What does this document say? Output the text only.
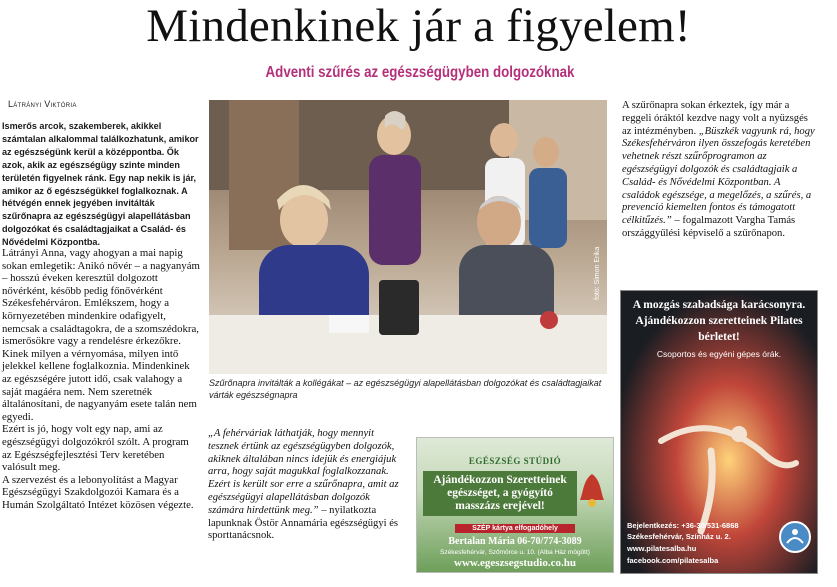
Mindenkinek jár a figyelem!
Adventi szűrés az egészségügyben dolgozóknak
Látrányi Viktória
Ismerős arcok, szakemberek, akikkel számtalan alkalommal találkozhatunk, amikor az egészségünk kerül a középpontba. Ők azok, akik az egészségügy szinte minden területén figyelnek ránk. Egy nap nekik is jár, amikor az ő egészségükkel foglalkoznak. A hétvégén ennek jegyében invitálták szűrőnapra az egészségügyi alapellátásban dolgozókat és családtagjaikat a Család- és Nővédelmi Központba.

Látrányi Anna, vagy ahogyan a mai napig sokan emlegetik: Anikó nővér – a nagyanyám – hosszú éveken keresztül dolgozott nővérként, később pedig főnővérként Székesfehérváron. Emlékszem, hogy a környezetében mindenkire odafigyelt, nemcsak a családtagokra, de a szomszédokra, ismerősökre vagy a rendelésre érkezőkre. Kinek milyen a vérnyomása, milyen intő jelekkel kellene foglalkoznia. Mindenkinek az egészségére jutott idő, csak valahogy a saját magáéra nem. Nem szeretnék általánosítani, de nagyanyám esete talán nem egyedi.

Ezért is jó, hogy volt egy nap, ami az egészségügyi dolgozókról szólt. A program az Egészségfejlesztési Terv keretében valósult meg.

A szervezést és a lebonyolítást a Magyar Egészségügyi Szakdolgozói Kamara és a Humán Szolgáltató Intézet közösen végezte.

fotó: Simon Erika
Szűrőnapra invitálták a kollégákat – az egészségügyi alapellátásban dolgozókat és családtagjaikat várták egészségnapra
„A fehérváriak láthatják, hogy mennyit tesznek értünk az egészségügyben dolgozók, akiknek általában nincs idejük és energiájuk arra, hogy saját magukkal foglalkozzanak. Ezért is került sor erre a szűrőnapra, amit az egészségügyi alapellátásban dolgozók számára hirdettünk meg.” – nyilatkozta lapunknak Östör Annamária egészségügyi és sporttanácsnok.
A szűrőnapra sokan érkeztek, így már a reggeli óráktól kezdve nagy volt a nyüzsgés az intézményben. „Büszkék vagyunk rá, hogy Székesfehérváron ilyen összefogás keretében vehetnek részt szűrőprogramon az egészségügyi dolgozók és családtagjaik a Család- és Nővédelmi Központban. A családok egészsége, a megelőzés, a szűrés, a prevenció kiemelten fontos és támogatott célkitűzés.” – fogalmazott Vargha Tamás országgyűlési képviselő a szűrőnapon.
EGÉSZSÉG STÚDIÓ
Ajándékozzon Szeretteinek egészséget, a gyógyító masszázs erejével!
SZÉP kártya elfogadóhely
Bertalan Mária 06-70/774-3089
Székesfehérvár, Szőmörce u. 10. (Alba Ház mögött)
www.egeszsegstudio.co.hu
A mozgás szabadsága karácsonyra. Ajándékozzon szeretteinek Pilates bérletet!
Csoportos és egyéni gépes órák.
Bejelentkezés: +36-30/531-6868
Székesfehérvár, Színház u. 2.
www.pilatesalba.hu
facebook.com/pilatesalba
